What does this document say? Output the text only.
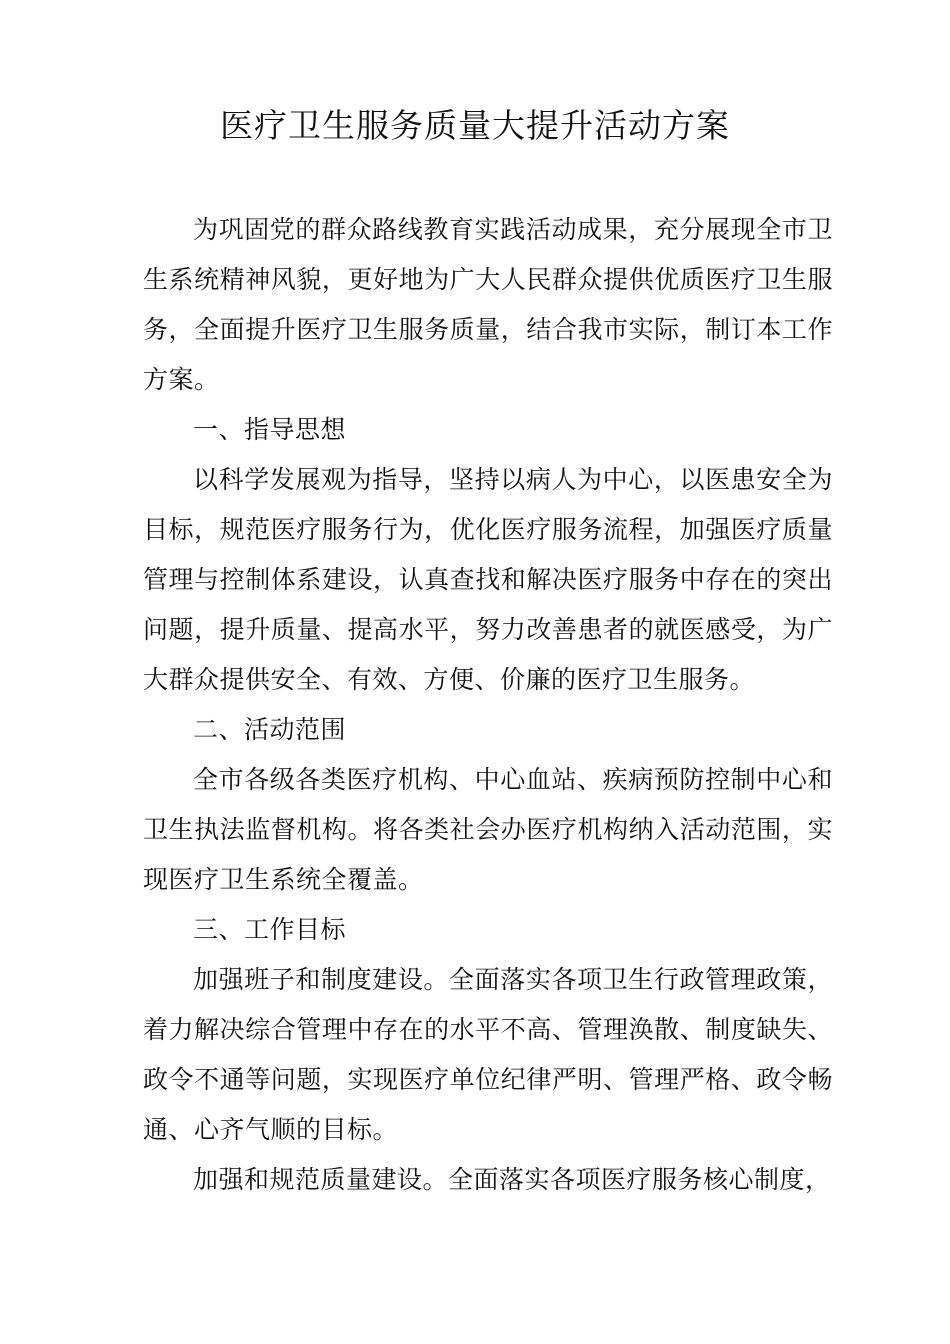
医疗卫生服务质量大提升活动方案

为巩固党的群众路线教育实践活动成果，充分展现全市卫生系统精神风貌，更好地为广大人民群众提供优质医疗卫生服务，全面提升医疗卫生服务质量，结合我市实际，制订本工作方案。

一、指导思想

以科学发展观为指导，坚持以病人为中心，以医患安全为目标，规范医疗服务行为，优化医疗服务流程，加强医疗质量管理与控制体系建设，认真查找和解决医疗服务中存在的突出问题，提升质量、提高水平，努力改善患者的就医感受，为广大群众提供安全、有效、方便、价廉的医疗卫生服务。

二、活动范围

全市各级各类医疗机构、中心血站、疾病预防控制中心和卫生执法监督机构。将各类社会办医疗机构纳入活动范围，实现医疗卫生系统全覆盖。

三、工作目标

加强班子和制度建设。全面落实各项卫生行政管理政策，着力解决综合管理中存在的水平不高、管理涣散、制度缺失、政令不通等问题，实现医疗单位纪律严明、管理严格、政令畅通、心齐气顺的目标。

加强和规范质量建设。全面落实各项医疗服务核心制度，
